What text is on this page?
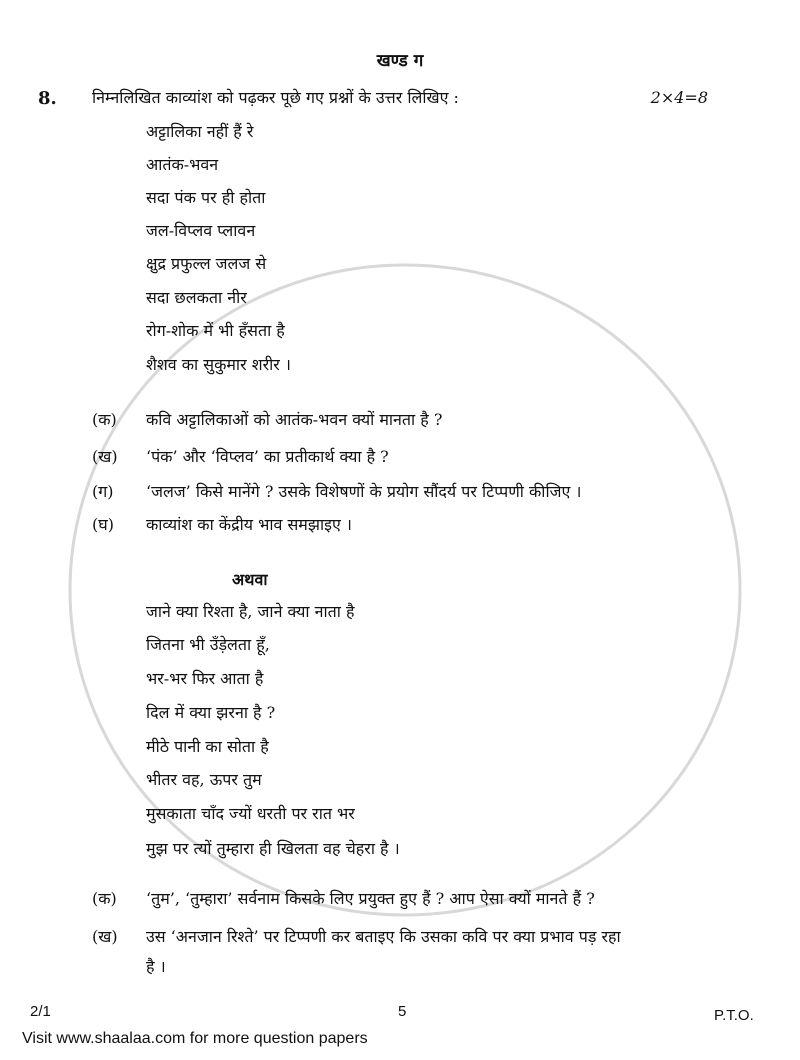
खण्ड ग
8. निम्नलिखित काव्यांश को पढ़कर पूछे गए प्रश्नों के उत्तर लिखिए :	2×4=8
अट्टालिका नहीं हैं रे
आतंक-भवन
सदा पंक पर ही होता
जल-विप्लव प्लावन
क्षुद्र प्रफुल्ल जलज से
सदा छलकता नीर
रोग-शोक में भी हँसता है
शैशव का सुकुमार शरीर ।
(क) कवि अट्टालिकाओं को आतंक-भवन क्यों मानता है ?
(ख) ‘पंक’ और ‘विप्लव’ का प्रतीकार्थ क्या है ?
(ग) ‘जलज’ किसे मानेंगे ? उसके विशेषणों के प्रयोग सौंदर्य पर टिप्पणी कीजिए ।
(घ) काव्यांश का केंद्रीय भाव समझाइए ।
अथवा
जाने क्या रिश्ता है, जाने क्या नाता है
जितना भी उँड़ेलता हूँ,
भर-भर फिर आता है
दिल में क्या झरना है ?
मीठे पानी का सोता है
भीतर वह, ऊपर तुम
मुसकाता चाँद ज्यों धरती पर रात भर
मुझ पर त्यों तुम्हारा ही खिलता वह चेहरा है ।
(क) ‘तुम’, ‘तुम्हारा’ सर्वनाम किसके लिए प्रयुक्त हुए हैं ? आप ऐसा क्यों मानते हैं ?
(ख) उस ‘अनजान रिश्ते’ पर टिप्पणी कर बताइए कि उसका कवि पर क्या प्रभाव पड़ रहा
है ।
2/1	5	P.T.O.
Visit www.shaalaa.com for more question papers
